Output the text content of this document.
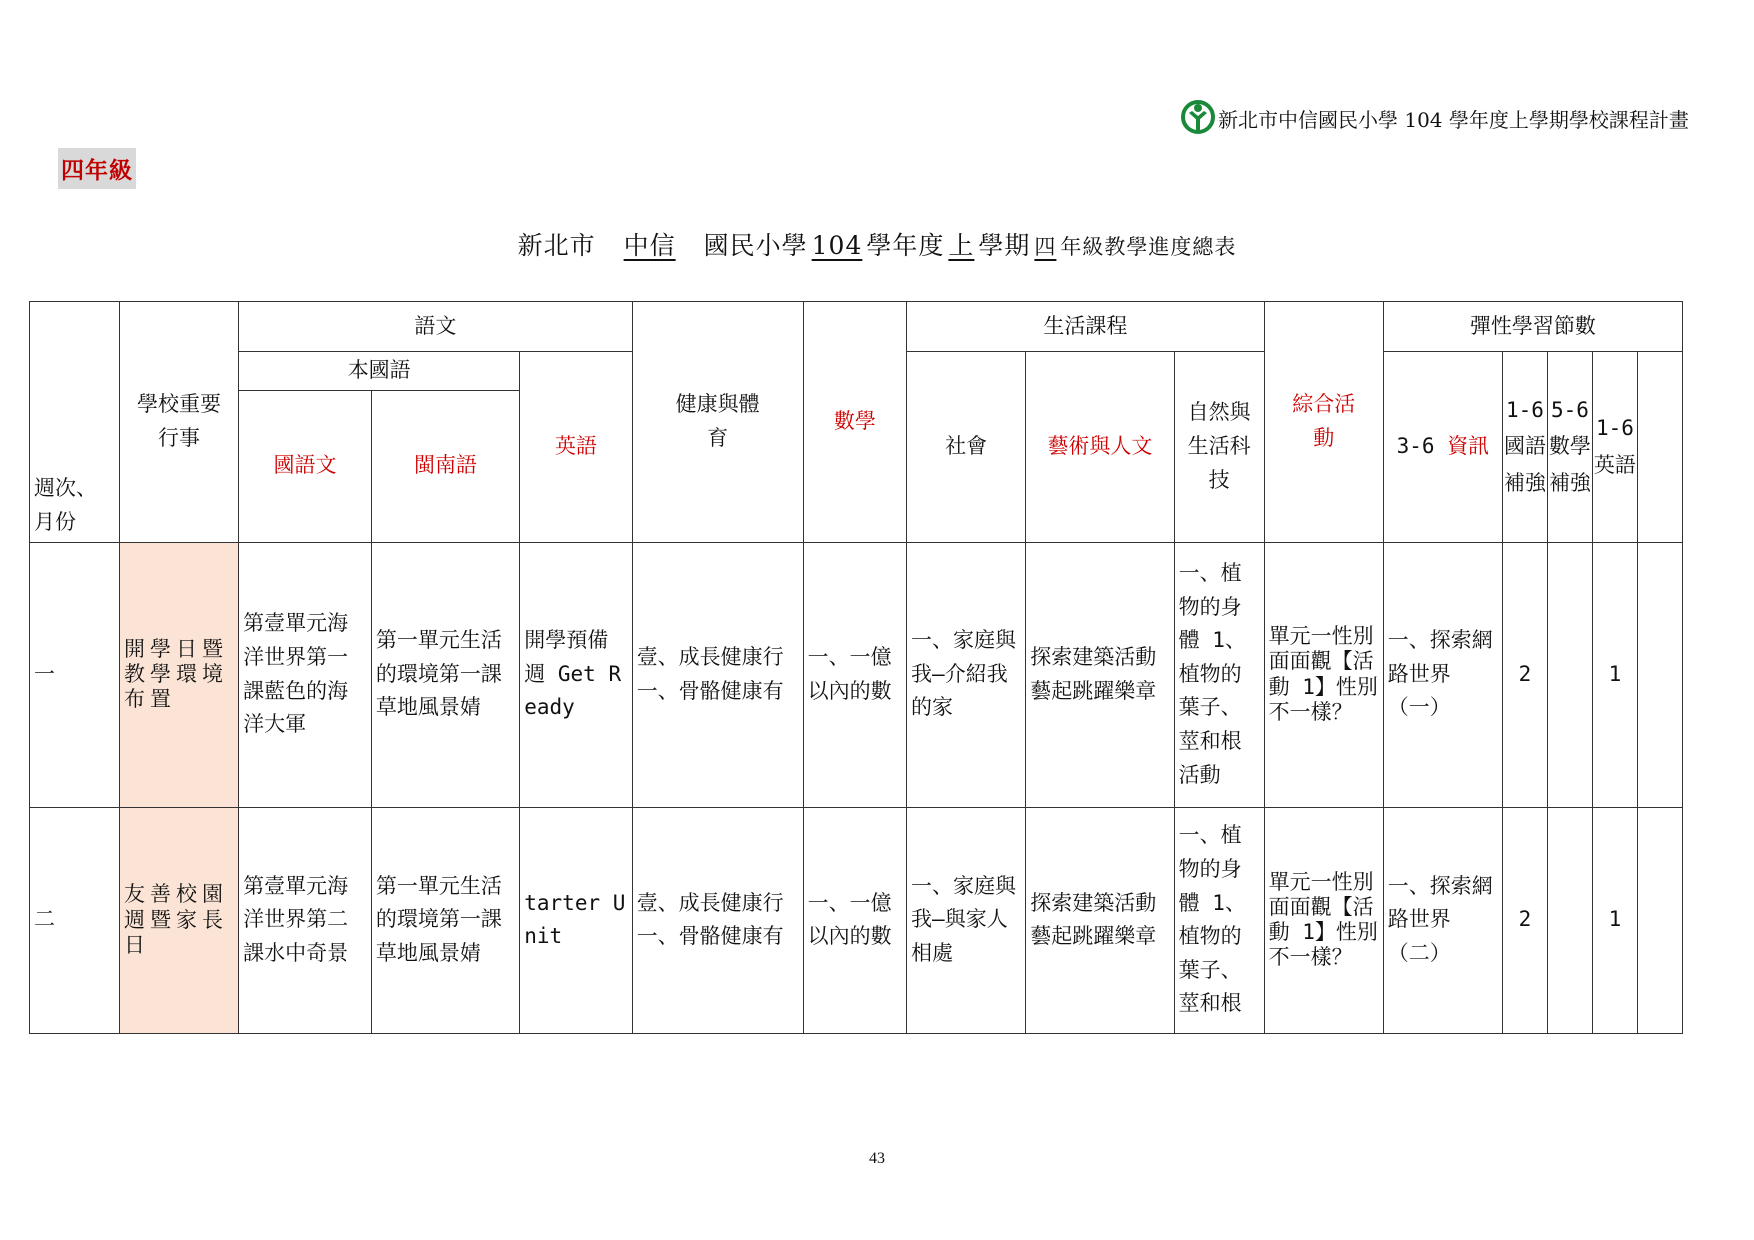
新北市中信國民小學 104 學年度上學期學校課程計畫
四年級
新北市 中信 國民小學 104 學年度 上 學期 四 年級教學進度總表
週次、月份	學校重要行事	語文			健康與體育	數學	生活課程			綜合活動	彈性學習節數				
		本國語		英語			社會	藝術與人文	自然與生活科技		3-6 資訊	1-6國語補強	5-6數學補強	1-6英語	

		國語文	閩南語												
一	開學日暨教學環境布置	第壹單元海洋世界第一課藍色的海洋大軍	第一單元生活的環境第一課草地風景婧	開學預備週 Get Ready	壹、成長健康行一、骨骼健康有	一、一億以內的數	一、家庭與我—介紹我的家	探索建築活動藝起跳躍樂章	一、植物的身體 1、植物的葉子、莖和根活動	單元一性別面面觀【活動 1】性別不一樣？	一、探索網路世界（一）	2		1	
二	友善校園週暨家長日	第壹單元海洋世界第二課水中奇景	第一單元生活的環境第一課草地風景婧	tarter Unit	壹、成長健康行一、骨骼健康有	一、一億以內的數	一、家庭與我—與家人相處	探索建築活動藝起跳躍樂章	一、植物的身體 1、植物的葉子、莖和根	單元一性別面面觀【活動 1】性別不一樣？	一、探索網路世界（二）	2		1	
43
